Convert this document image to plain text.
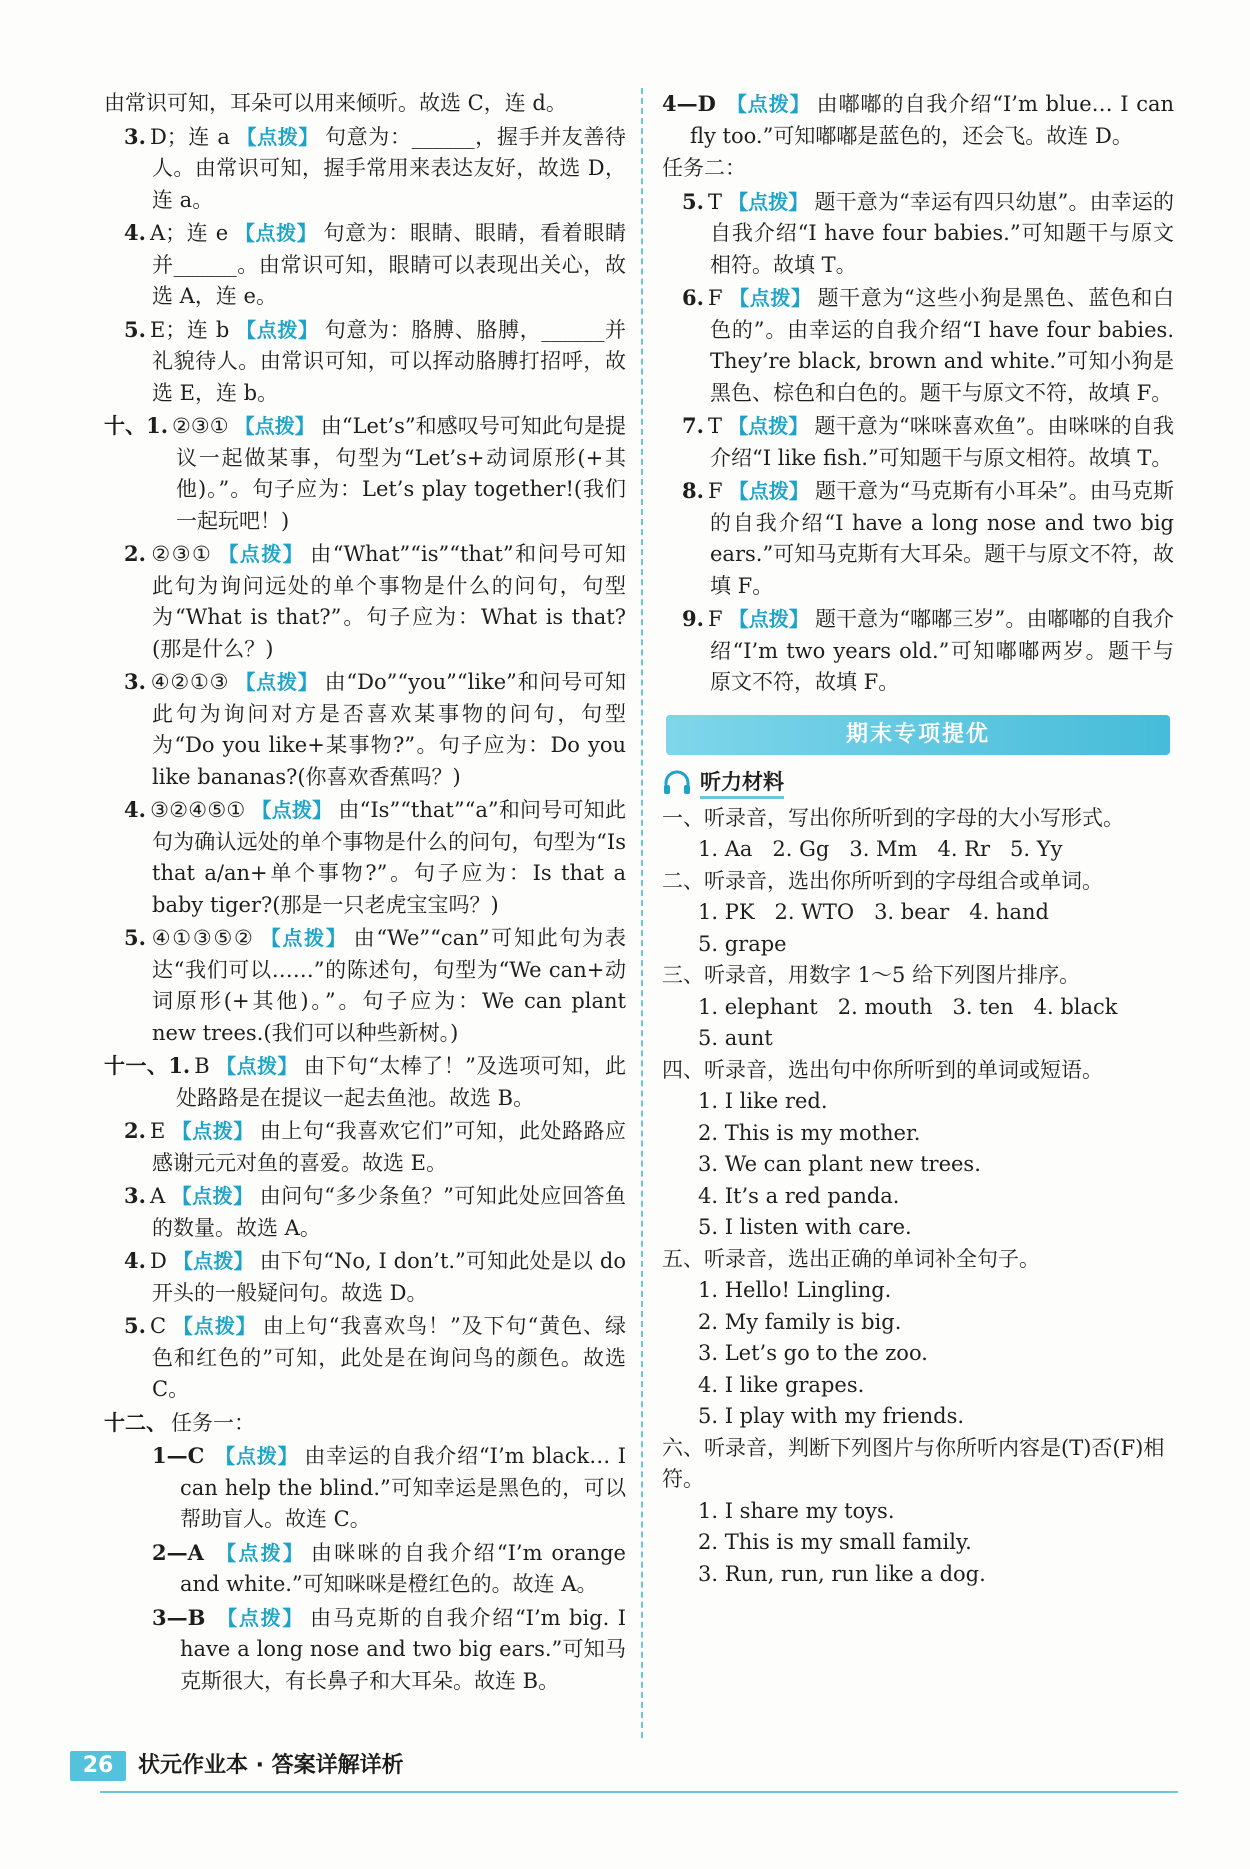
由常识可知，耳朵可以用来倾听。故选 C，连 d。
3. D；连 a 【点拨】 句意为：______，握手并友善待人。由常识可知，握手常用来表达友好，故选 D，连 a。
4. A；连 e 【点拨】 句意为：眼睛、眼睛，看着眼睛并______。由常识可知，眼睛可以表现出关心，故选 A，连 e。
5. E；连 b 【点拨】 句意为：胳膊、胳膊，______并礼貌待人。由常识可知，可以挥动胳膊打招呼，故选 E，连 b。
十、1. ②③① 【点拨】 由“Let’s”和感叹号可知此句是提议一起做某事，句型为“Let’s+动词原形(+其他)。”。句子应为：Let’s play together!(我们一起玩吧！)
2. ②③① 【点拨】 由“What”“is”“that”和问号可知此句为询问远处的单个事物是什么的问句，句型为“What is that?”。句子应为：What is that?(那是什么？)
3. ④②①③ 【点拨】 由“Do”“you”“like”和问号可知此句为询问对方是否喜欢某事物的问句，句型为“Do you like+某事物?”。句子应为：Do you like bananas?(你喜欢香蕉吗？)
4. ③②④⑤① 【点拨】 由“Is”“that”“a”和问号可知此句为确认远处的单个事物是什么的问句，句型为“Is that a/an+单个事物?”。句子应为：Is that a baby tiger?(那是一只老虎宝宝吗？)
5. ④①③⑤② 【点拨】 由“We”“can”可知此句为表达“我们可以……”的陈述句，句型为“We can+动词原形(+其他)。”。句子应为：We can plant new trees.(我们可以种些新树。)
十一、1. B 【点拨】 由下句“太棒了！”及选项可知，此处路路是在提议一起去鱼池。故选 B。
2. E 【点拨】 由上句“我喜欢它们”可知，此处路路应感谢元元对鱼的喜爱。故选 E。
3. A 【点拨】 由问句“多少条鱼？”可知此处应回答鱼的数量。故选 A。
4. D 【点拨】 由下句“No, I don’t.”可知此处是以 do 开头的一般疑问句。故选 D。
5. C 【点拨】 由上句“我喜欢鸟！”及下句“黄色、绿色和红色的”可知，此处是在询问鸟的颜色。故选 C。
十二、 任务一：
1—C 【点拨】 由幸运的自我介绍“I’m black… I can help the blind.”可知幸运是黑色的，可以帮助盲人。故连 C。
2—A 【点拨】 由咪咪的自我介绍“I’m orange and white.”可知咪咪是橙红色的。故连 A。
3—B 【点拨】 由马克斯的自我介绍“I’m big. I have a long nose and two big ears.”可知马克斯很大，有长鼻子和大耳朵。故连 B。
4—D 【点拨】 由嘟嘟的自我介绍“I’m blue… I can fly too.”可知嘟嘟是蓝色的，还会飞。故连 D。
任务二：
5. T 【点拨】 题干意为“幸运有四只幼崽”。由幸运的自我介绍“I have four babies.”可知题干与原文相符。故填 T。
6. F 【点拨】 题干意为“这些小狗是黑色、蓝色和白色的”。由幸运的自我介绍“I have four babies. They’re black, brown and white.”可知小狗是黑色、棕色和白色的。题干与原文不符，故填 F。
7. T 【点拨】 题干意为“咪咪喜欢鱼”。由咪咪的自我介绍“I like fish.”可知题干与原文相符。故填 T。
8. F 【点拨】 题干意为“马克斯有小耳朵”。由马克斯的自我介绍“I have a long nose and two big ears.”可知马克斯有大耳朵。题干与原文不符，故填 F。
9. F 【点拨】 题干意为“嘟嘟三岁”。由嘟嘟的自我介绍“I’m two years old.”可知嘟嘟两岁。题干与原文不符，故填 F。
期末专项提优
听力材料
一、听录音，写出你所听到的字母的大小写形式。
1. Aa 2. Gg 3. Mm 4. Rr 5. Yy
二、听录音，选出你所听到的字母组合或单词。
1. PK 2. WTO 3. bear 4. hand
5. grape
三、听录音，用数字 1～5 给下列图片排序。
1. elephant 2. mouth 3. ten 4. black
5. aunt
四、听录音，选出句中你所听到的单词或短语。
1. I like red.
2. This is my mother.
3. We can plant new trees.
4. It’s a red panda.
5. I listen with care.
五、听录音，选出正确的单词补全句子。
1. Hello! Lingling.
2. My family is big.
3. Let’s go to the zoo.
4. I like grapes.
5. I play with my friends.
六、听录音，判断下列图片与你所听内容是(T)否(F)相符。
1. I share my toys.
2. This is my small family.
3. Run, run, run like a dog.
26	状元作业本 · 答案详解详析
